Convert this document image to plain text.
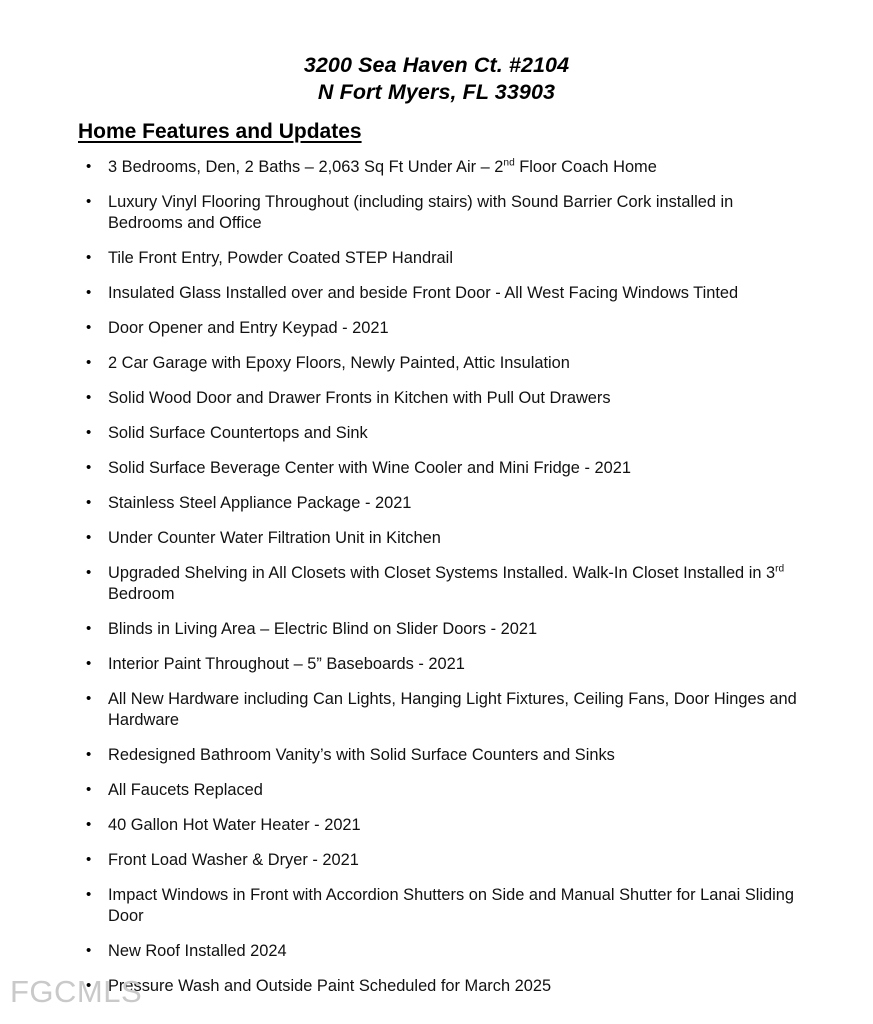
3200 Sea Haven Ct. #2104
N Fort Myers, FL 33903
Home Features and Updates
• 3 Bedrooms, Den, 2 Baths – 2,063 Sq Ft Under Air – 2nd Floor Coach Home
• Luxury Vinyl Flooring Throughout (including stairs) with Sound Barrier Cork installed in Bedrooms and Office
• Tile Front Entry, Powder Coated STEP Handrail
• Insulated Glass Installed over and beside Front Door - All West Facing Windows Tinted
• Door Opener and Entry Keypad - 2021
• 2 Car Garage with Epoxy Floors, Newly Painted, Attic Insulation
• Solid Wood Door and Drawer Fronts in Kitchen with Pull Out Drawers
• Solid Surface Countertops and Sink
• Solid Surface Beverage Center with Wine Cooler and Mini Fridge - 2021
• Stainless Steel Appliance Package - 2021
• Under Counter Water Filtration Unit in Kitchen
• Upgraded Shelving in All Closets with Closet Systems Installed. Walk-In Closet Installed in 3rd Bedroom
• Blinds in Living Area – Electric Blind on Slider Doors - 2021
• Interior Paint Throughout – 5” Baseboards - 2021
• All New Hardware including Can Lights, Hanging Light Fixtures, Ceiling Fans, Door Hinges and Hardware
• Redesigned Bathroom Vanity’s with Solid Surface Counters and Sinks
• All Faucets Replaced
• 40 Gallon Hot Water Heater - 2021
• Front Load Washer & Dryer - 2021
• Impact Windows in Front with Accordion Shutters on Side and Manual Shutter for Lanai Sliding Door
• New Roof Installed 2024
• Pressure Wash and Outside Paint Scheduled for March 2025
FGCMLS
